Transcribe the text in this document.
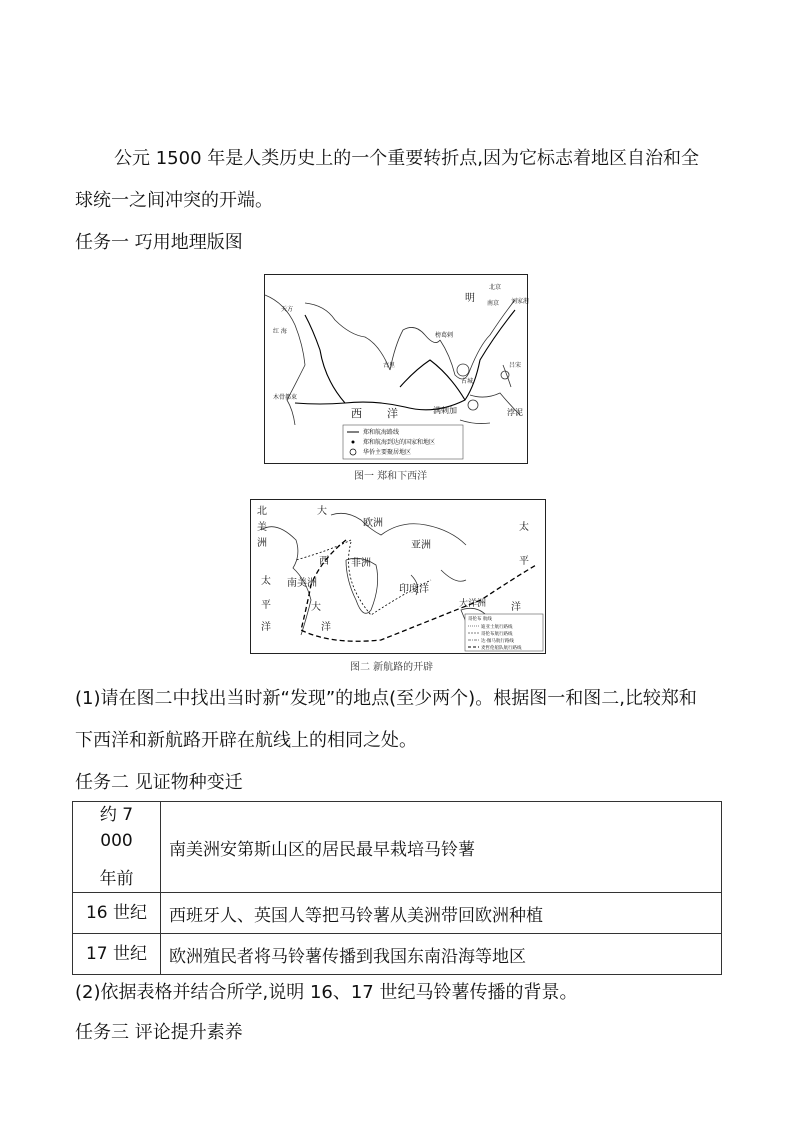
公元 1500 年是人类历史上的一个重要转折点,因为它标志着地区自治和全
球统一之间冲突的开端。
任务一 巧用地理版图
明
北京
南京 刘家港
天方
红 海
古里
榜葛剌
木骨都束
西 洋	满剌加
占城
吕宋
浡泥
郑和航海路线
郑和航海到达的国家和地区
华侨主要聚居地区
图一 郑和下西洋
北
美
洲
大
西
太
平
洋
欧洲
亚洲
非洲
南美洲
印度洋
大洋洲
太
平
洋
大
洋
哥伦布 航线
迪亚士航行路线
哥伦布航行路线
达·伽马航行路线
麦哲伦船队航行路线
图二 新航路的开辟
(1)请在图二中找出当时新“发现”的地点(至少两个)。根据图一和图二,比较郑和
下西洋和新航路开辟在航线上的相同之处。
任务二 见证物种变迁
约 7 000
年前	南美洲安第斯山区的居民最早栽培马铃薯
16 世纪	西班牙人、英国人等把马铃薯从美洲带回欧洲种植
17 世纪	欧洲殖民者将马铃薯传播到我国东南沿海等地区
(2)依据表格并结合所学,说明 16、17 世纪马铃薯传播的背景。
任务三 评论提升素养
